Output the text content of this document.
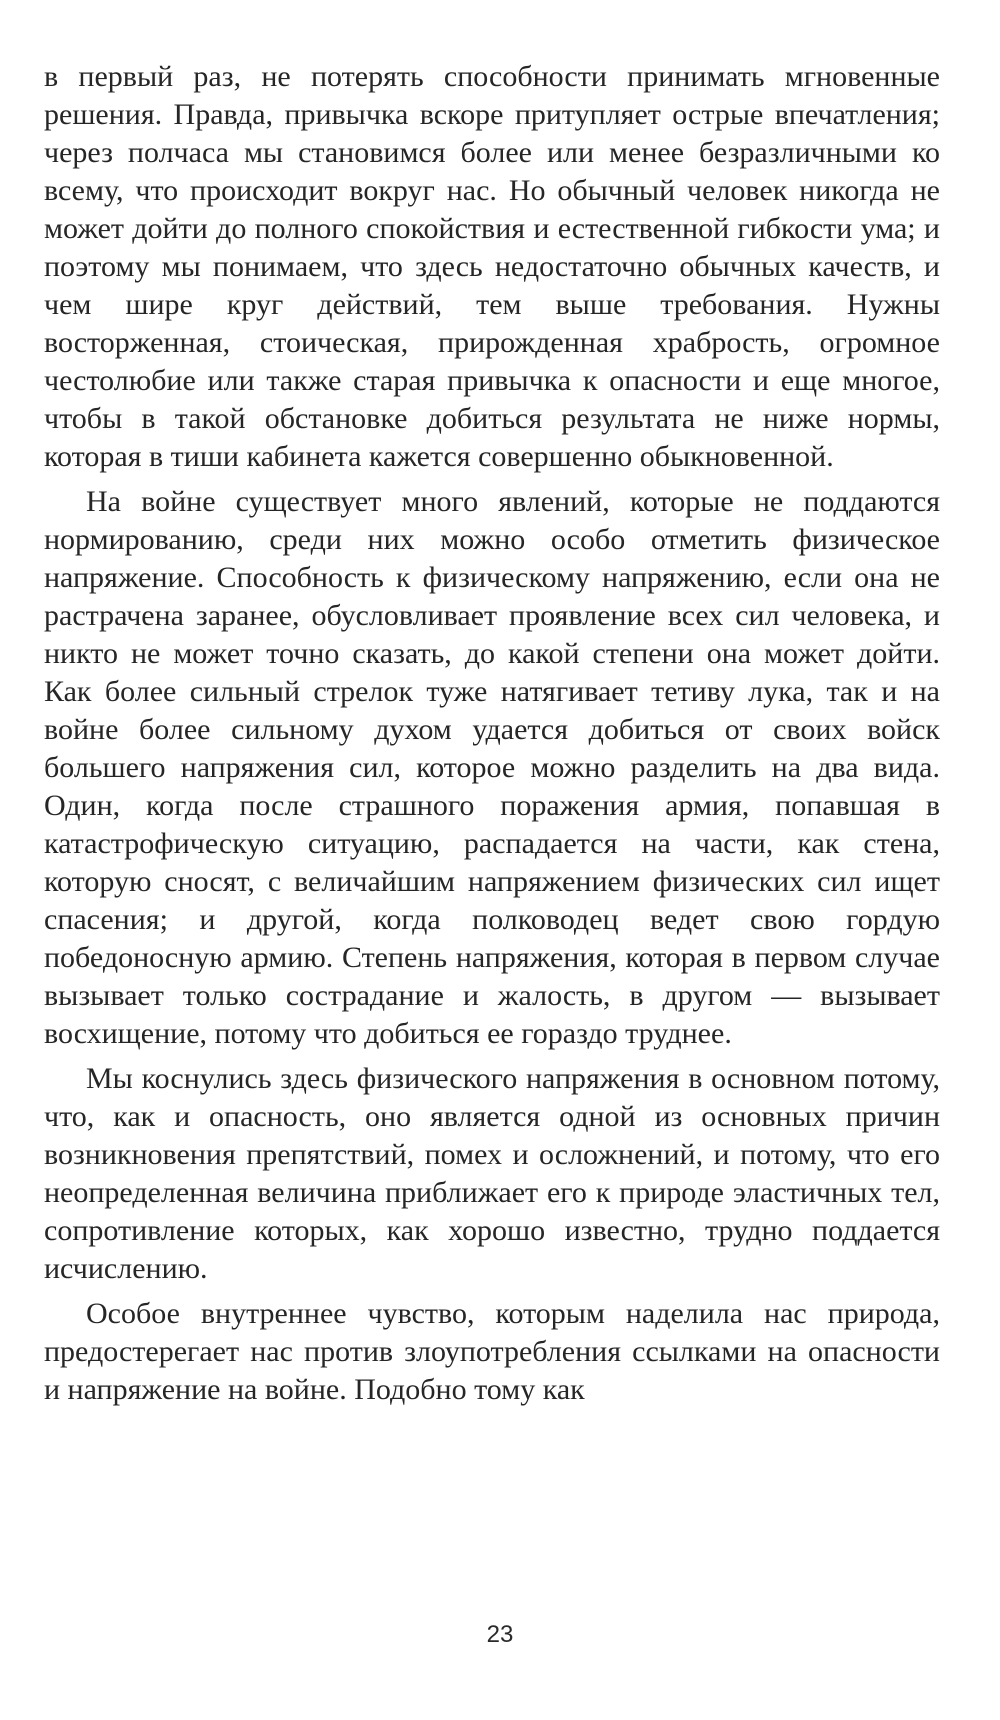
в первый раз, не потерять способности принимать мгновенные решения. Правда, привычка вскоре притупляет острые впечатления; через полчаса мы становимся более или менее безразличными ко всему, что происходит вокруг нас. Но обычный человек никогда не может дойти до полного спокойствия и естественной гибкости ума; и поэтому мы понимаем, что здесь недостаточно обычных качеств, и чем шире круг действий, тем выше требования. Нужны восторженная, стоическая, прирожденная храбрость, огромное честолюбие или также старая привычка к опасности и еще многое, чтобы в такой обстановке добиться результата не ниже нормы, которая в тиши кабинета кажется совершенно обыкновенной.

На войне существует много явлений, которые не поддаются нормированию, среди них можно особо отметить физическое напряжение. Способность к физическому напряжению, если она не растрачена заранее, обусловливает проявление всех сил человека, и никто не может точно сказать, до какой степени она может дойти. Как более сильный стрелок туже натягивает тетиву лука, так и на войне более сильному духом удается добиться от своих войск большего напряжения сил, которое можно разделить на два вида. Один, когда после страшного поражения армия, попавшая в катастрофическую ситуацию, распадается на части, как стена, которую сносят, с величайшим напряжением физических сил ищет спасения; и другой, когда полководец ведет свою гордую победоносную армию. Степень напряжения, которая в первом случае вызывает только сострадание и жалость, в другом — вызывает восхищение, потому что добиться ее гораздо труднее.

Мы коснулись здесь физического напряжения в основном потому, что, как и опасность, оно является одной из основных причин возникновения препятствий, помех и осложнений, и потому, что его неопределенная величина приближает его к природе эластичных тел, сопротивление которых, как хорошо известно, трудно поддается исчислению.

Особое внутреннее чувство, которым наделила нас природа, предостерегает нас против злоупотребления ссылками на опасности и напряжение на войне. Подобно тому как

23
